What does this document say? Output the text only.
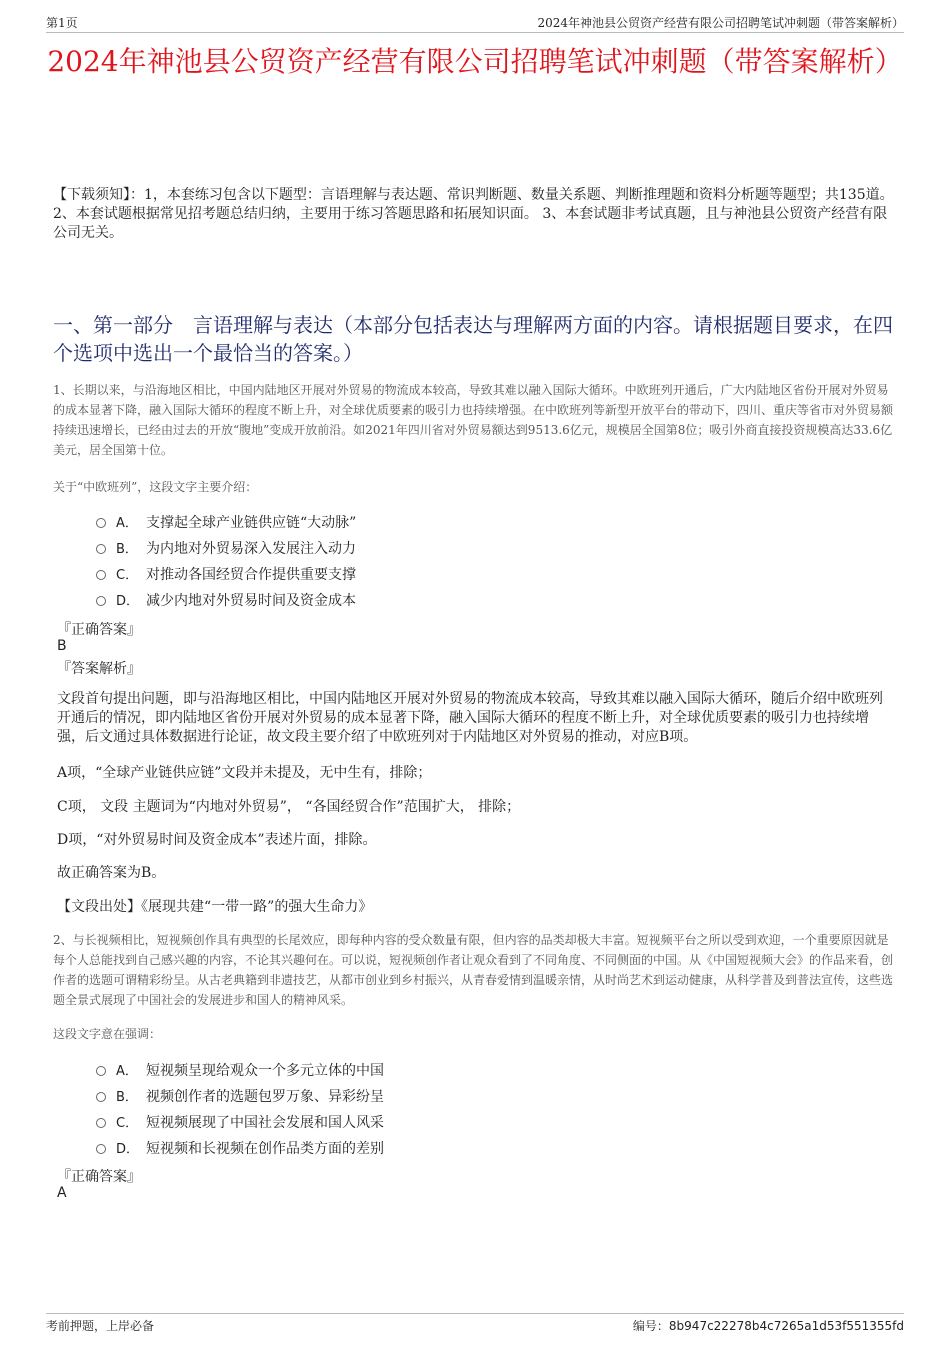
第1页	2024年神池县公贸资产经营有限公司招聘笔试冲刺题（带答案解析）
2024年神池县公贸资产经营有限公司招聘笔试冲刺题（带答案解析）
【下载须知】：1，本套练习包含以下题型：言语理解与表达题、常识判断题、数量关系题、判断推理题和资料分析题等题型；共135道。 2、本套试题根据常见招考题总结归纳，主要用于练习答题思路和拓展知识面。 3、本套试题非考试真题，且与神池县公贸资产经营有限公司无关。
一、第一部分　言语理解与表达（本部分包括表达与理解两方面的内容。请根据题目要求，在四个选项中选出一个最恰当的答案。）
1、长期以来，与沿海地区相比，中国内陆地区开展对外贸易的物流成本较高，导致其难以融入国际大循环。中欧班列开通后，广大内陆地区省份开展对外贸易的成本显著下降，融入国际大循环的程度不断上升，对全球优质要素的吸引力也持续增强。在中欧班列等新型开放平台的带动下，四川、重庆等省市对外贸易额持续迅速增长，已经由过去的开放“腹地”变成开放前沿。如2021年四川省对外贸易额达到9513.6亿元，规模居全国第8位；吸引外商直接投资规模高达33.6亿美元，居全国第十位。
关于“中欧班列”，这段文字主要介绍：
A． 支撑起全球产业链供应链“大动脉”
B． 为内地对外贸易深入发展注入动力
C． 对推动各国经贸合作提供重要支撑
D． 减少内地对外贸易时间及资金成本
『正确答案』
B
『答案解析』
文段首句提出问题，即与沿海地区相比，中国内陆地区开展对外贸易的物流成本较高，导致其难以融入国际大循环，随后介绍中欧班列开通后的情况，即内陆地区省份开展对外贸易的成本显著下降，融入国际大循环的程度不断上升，对全球优质要素的吸引力也持续增强，后文通过具体数据进行论证，故文段主要介绍了中欧班列对于内陆地区对外贸易的推动，对应B项。
A项，“全球产业链供应链”文段并未提及，无中生有，排除；
C项， 文段 主题词为“内地对外贸易”， “各国经贸合作”范围扩大， 排除；
D项，“对外贸易时间及资金成本”表述片面，排除。
故正确答案为B。
【文段出处】《展现共建“一带一路”的强大生命力》
2、与长视频相比，短视频创作具有典型的长尾效应，即每种内容的受众数量有限，但内容的品类却极大丰富。短视频平台之所以受到欢迎，一个重要原因就是每个人总能找到自己感兴趣的内容，不论其兴趣何在。可以说，短视频创作者让观众看到了不同角度、不同侧面的中国。从《中国短视频大会》的作品来看，创作者的选题可谓精彩纷呈。从古老典籍到非遗技艺，从都市创业到乡村振兴，从青春爱情到温暖亲情，从时尚艺术到运动健康，从科学普及到普法宣传，这些选题全景式展现了中国社会的发展进步和国人的精神风采。
这段文字意在强调：
A． 短视频呈现给观众一个多元立体的中国
B． 视频创作者的选题包罗万象、异彩纷呈
C． 短视频展现了中国社会发展和国人风采
D． 短视频和长视频在创作品类方面的差别
『正确答案』
A
考前押题，上岸必备	编号：8b947c22278b4c7265a1d53f551355fd
